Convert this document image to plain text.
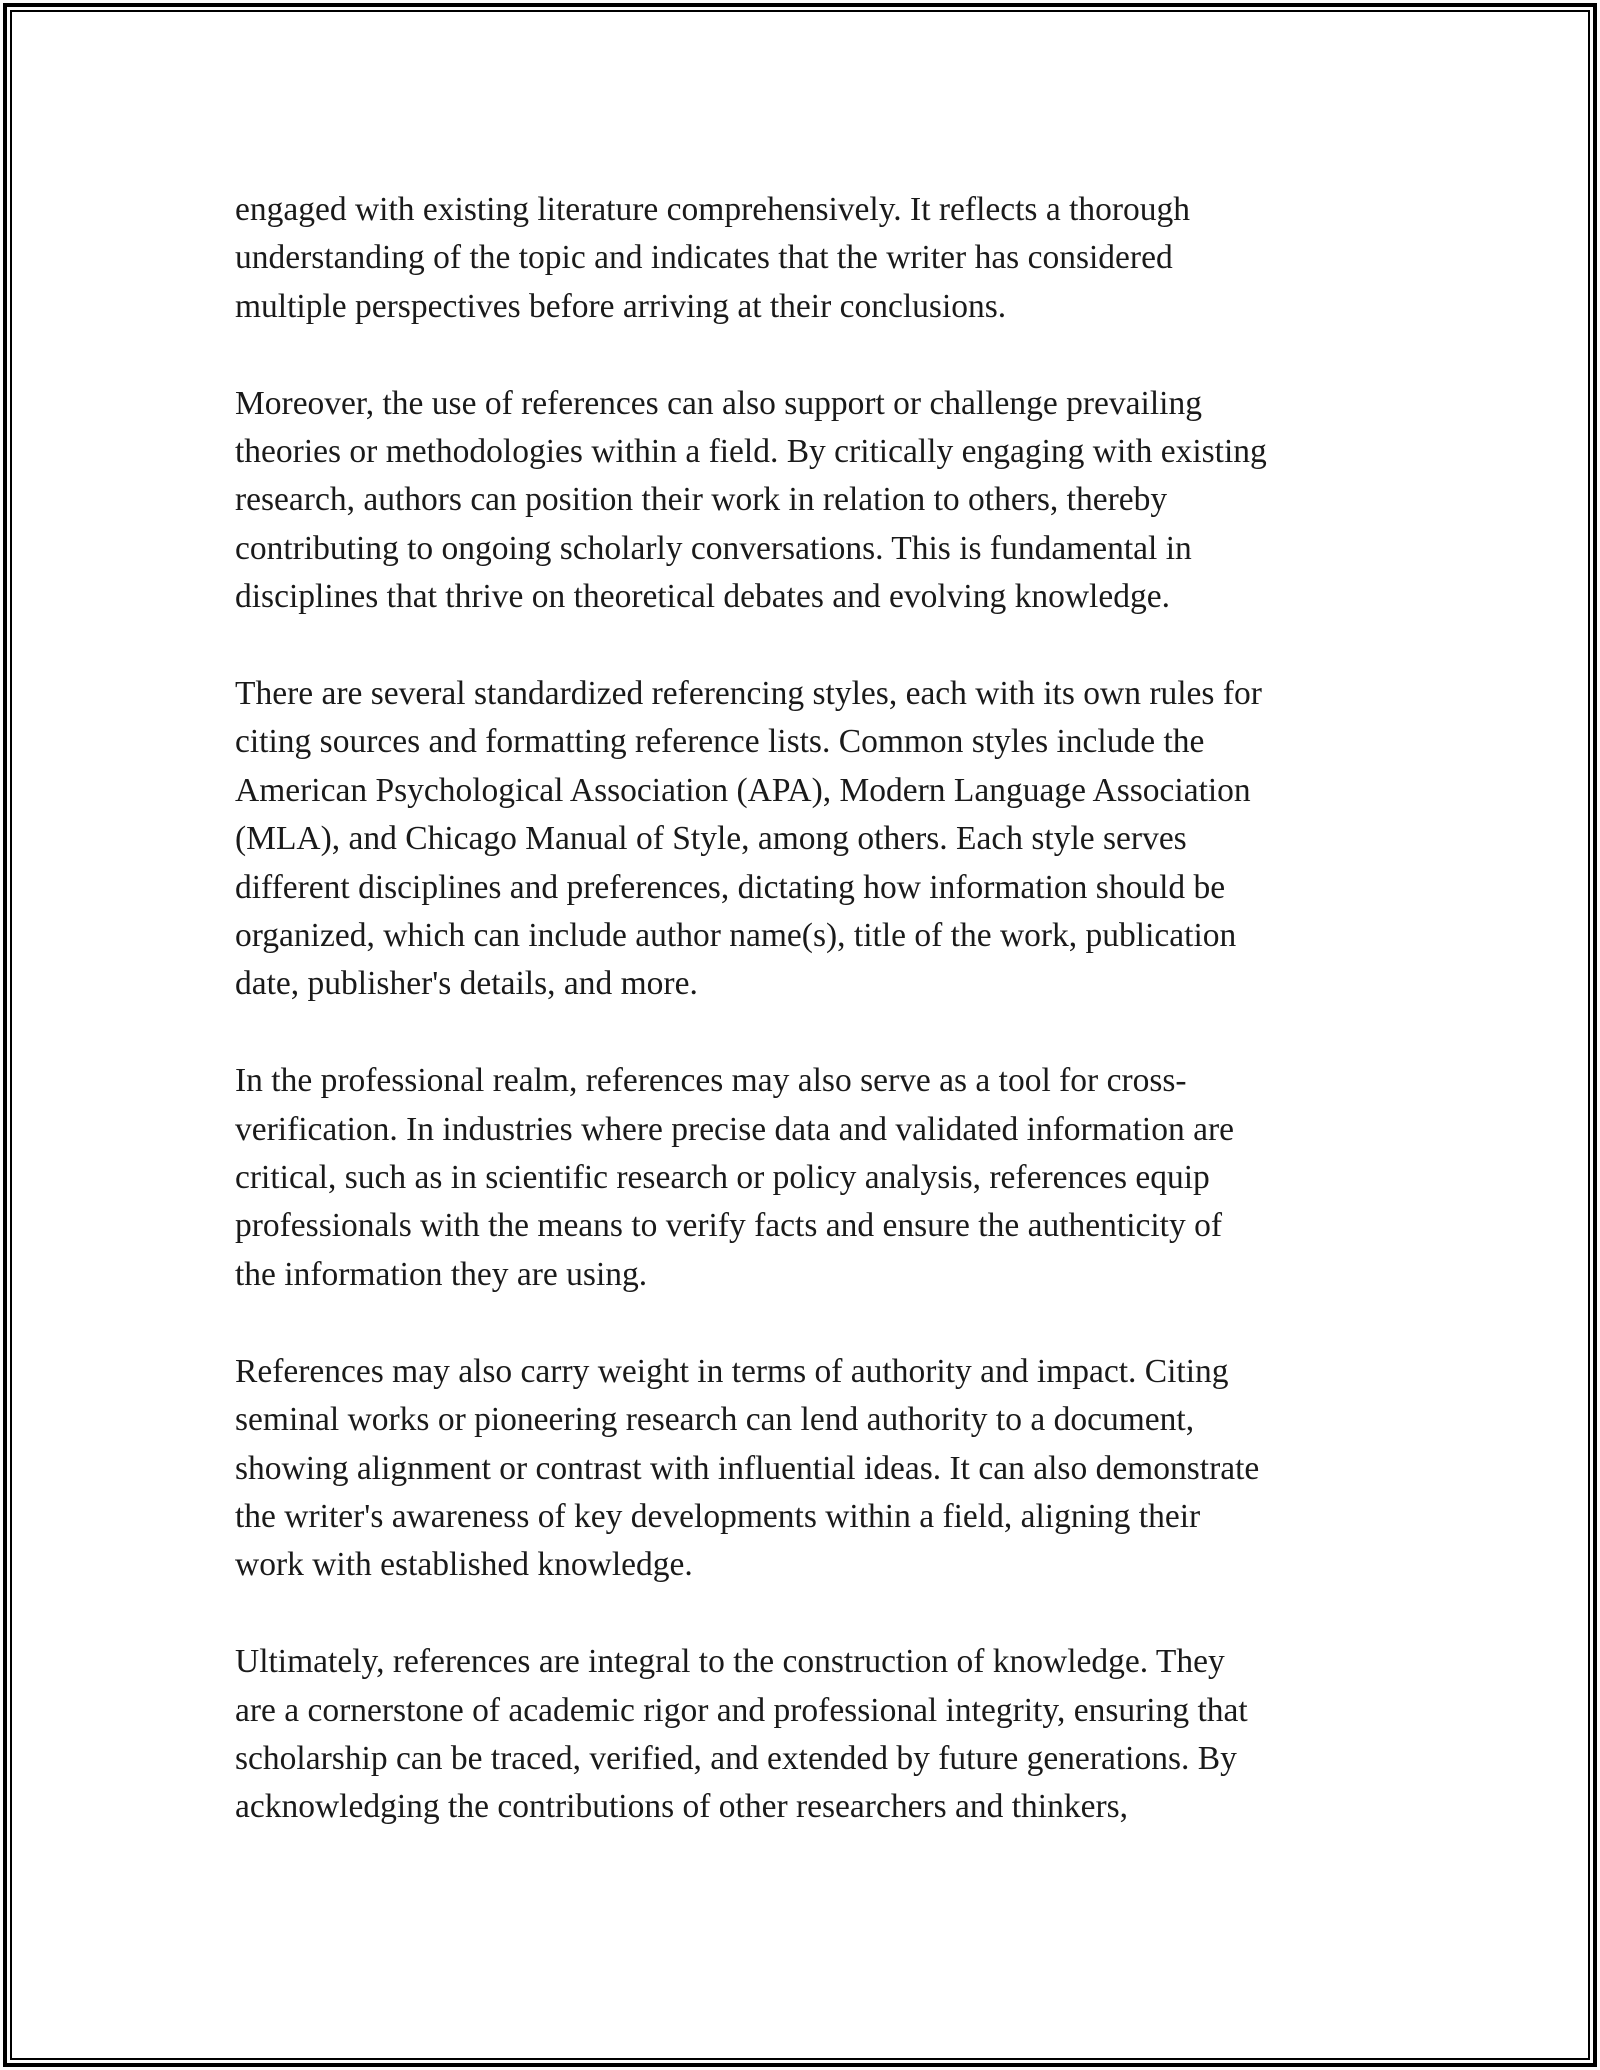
engaged with existing literature comprehensively. It reflects a thorough
understanding of the topic and indicates that the writer has considered
multiple perspectives before arriving at their conclusions.

Moreover, the use of references can also support or challenge prevailing
theories or methodologies within a field. By critically engaging with existing
research, authors can position their work in relation to others, thereby
contributing to ongoing scholarly conversations. This is fundamental in
disciplines that thrive on theoretical debates and evolving knowledge.

There are several standardized referencing styles, each with its own rules for
citing sources and formatting reference lists. Common styles include the
American Psychological Association (APA), Modern Language Association
(MLA), and Chicago Manual of Style, among others. Each style serves
different disciplines and preferences, dictating how information should be
organized, which can include author name(s), title of the work, publication
date, publisher's details, and more.

In the professional realm, references may also serve as a tool for cross-
verification. In industries where precise data and validated information are
critical, such as in scientific research or policy analysis, references equip
professionals with the means to verify facts and ensure the authenticity of
the information they are using.

References may also carry weight in terms of authority and impact. Citing
seminal works or pioneering research can lend authority to a document,
showing alignment or contrast with influential ideas. It can also demonstrate
the writer's awareness of key developments within a field, aligning their
work with established knowledge.

Ultimately, references are integral to the construction of knowledge. They
are a cornerstone of academic rigor and professional integrity, ensuring that
scholarship can be traced, verified, and extended by future generations. By
acknowledging the contributions of other researchers and thinkers,
